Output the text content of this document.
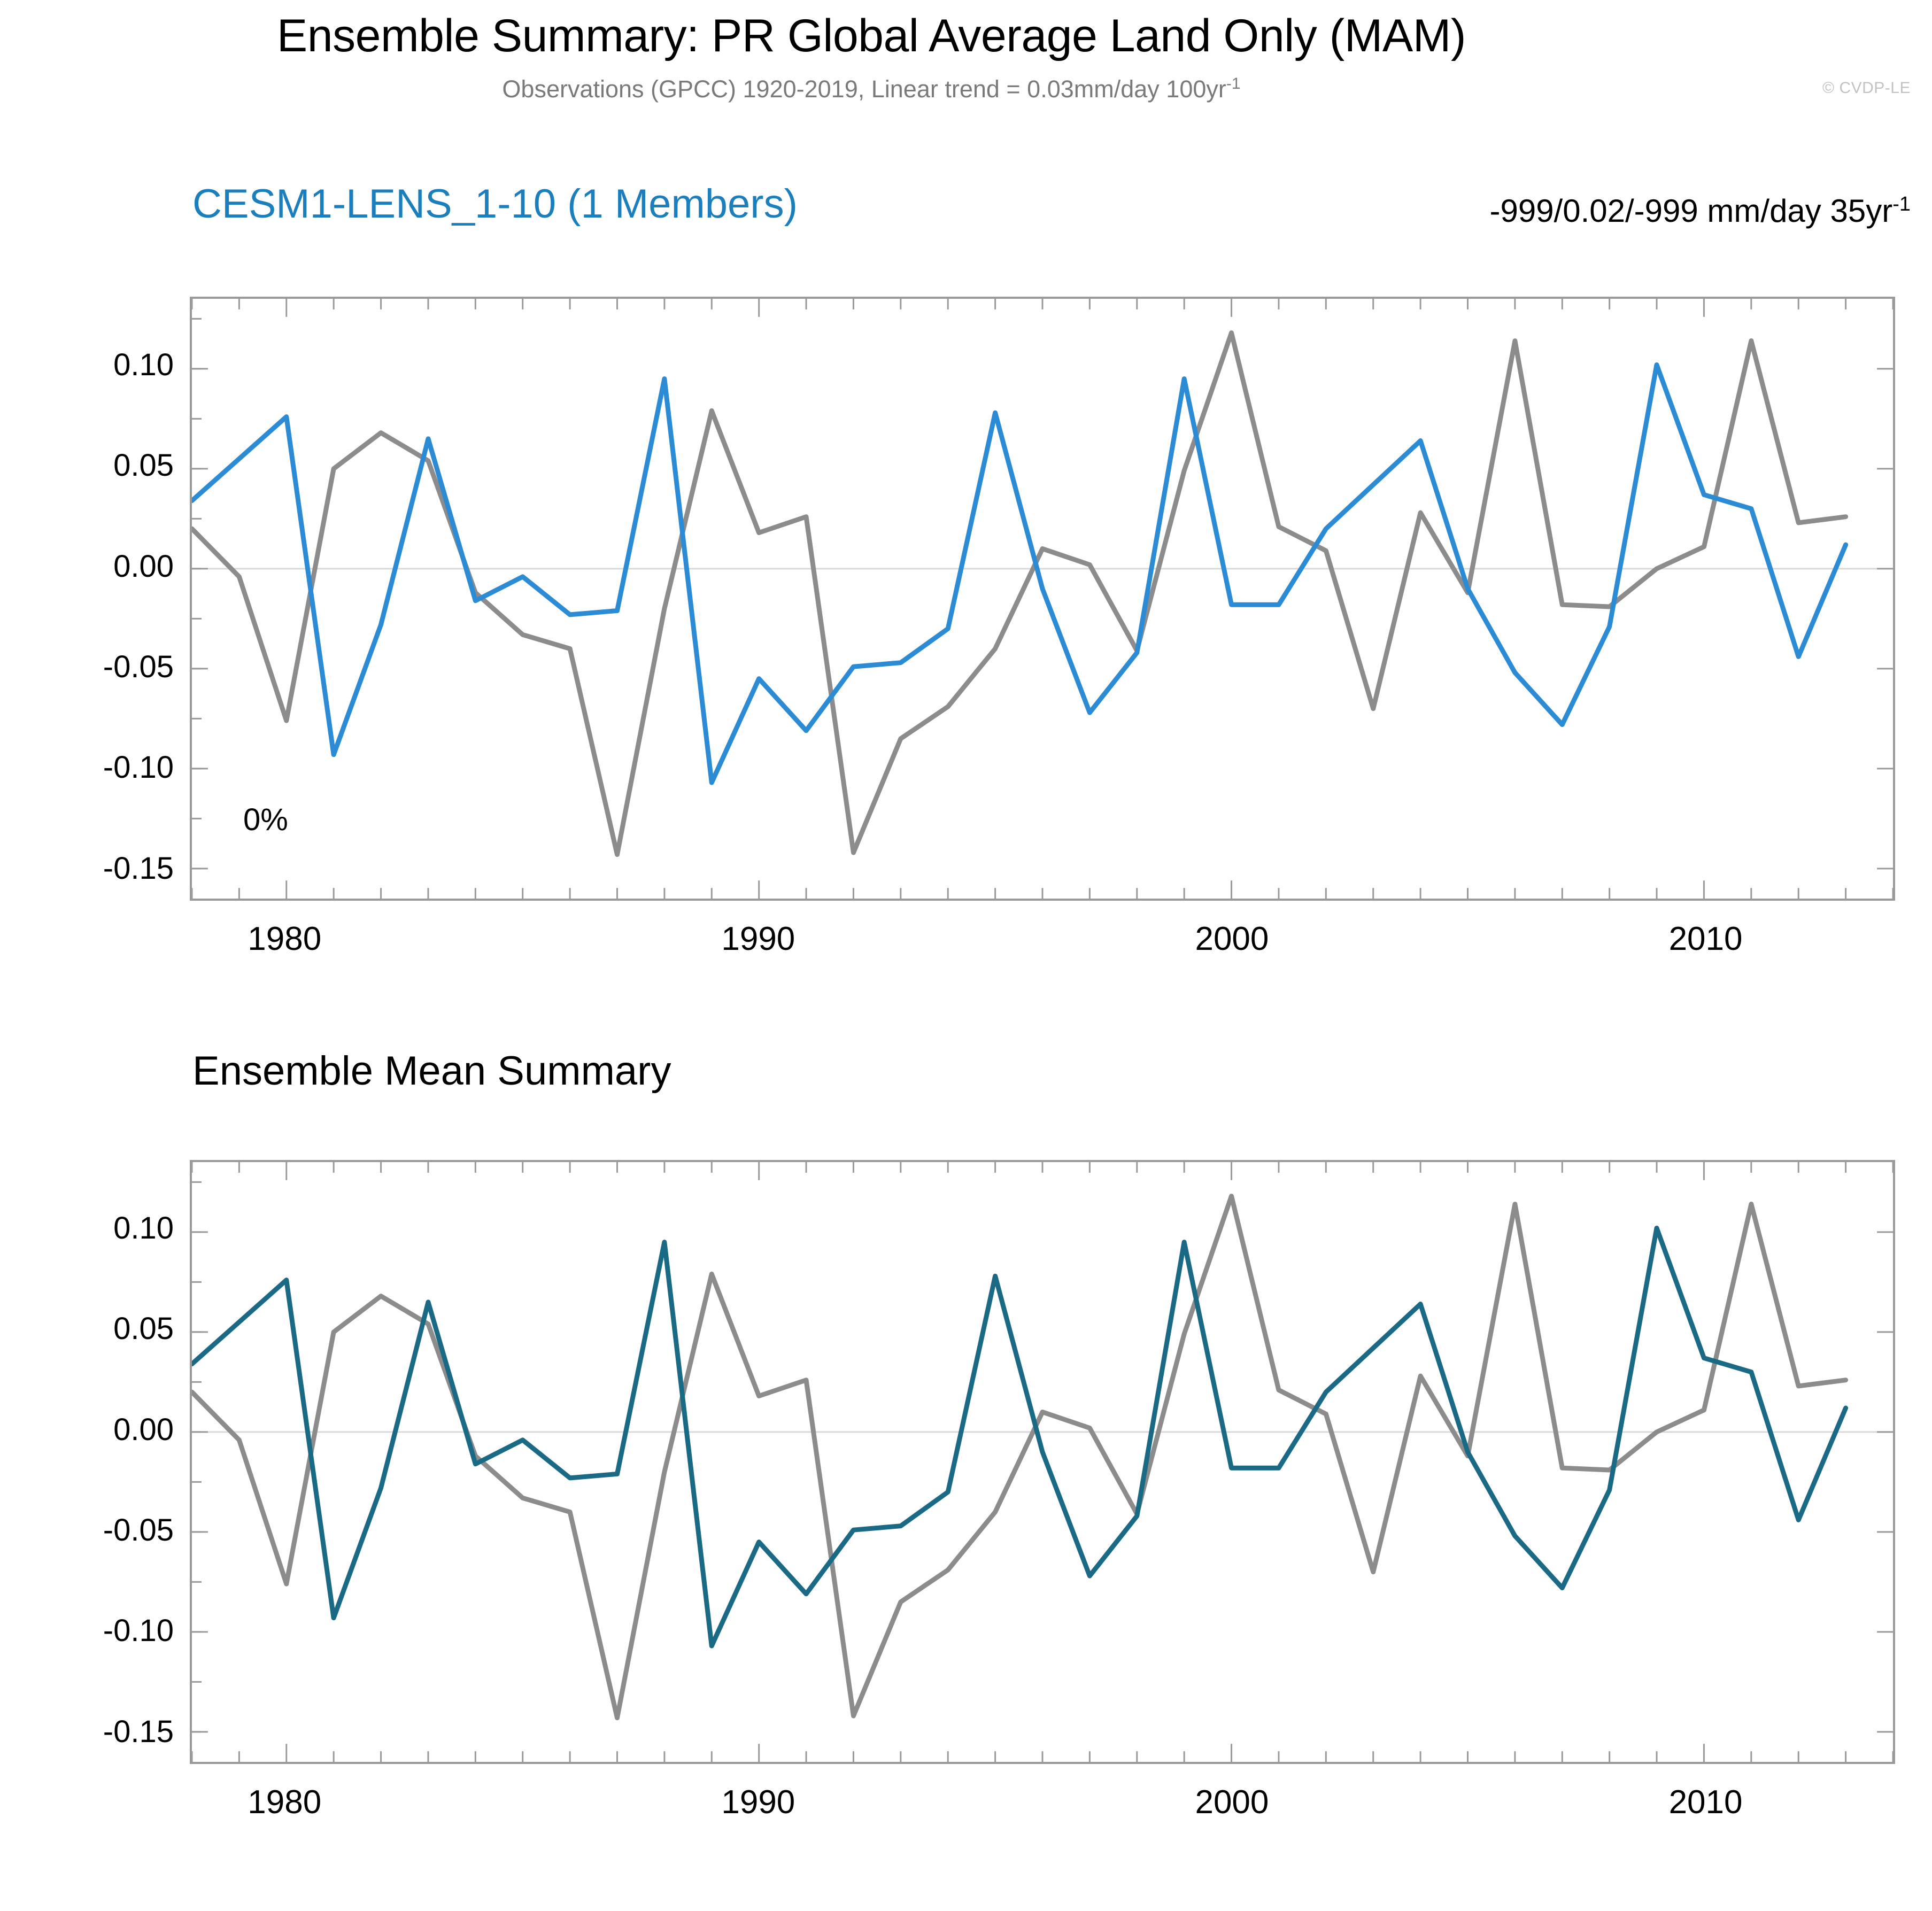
Ensemble Summary: PR Global Average Land Only (MAM)
Observations (GPCC) 1920-2019, Linear trend = 0.03mm/day $100yr^{-1}$	© CVDP-LE
CESM1-LENS_1-10 (1 Members)	-999/0.02/-999 mm/day $35yr^{-1}$
0%
-0.15
-0.10
-0.05
0.00
0.05
0.10
1980	1990	2000	2010
Ensemble Mean Summary
-0.15
-0.10
-0.05
0.00
0.05
0.10
1980	1990	2000	2010
